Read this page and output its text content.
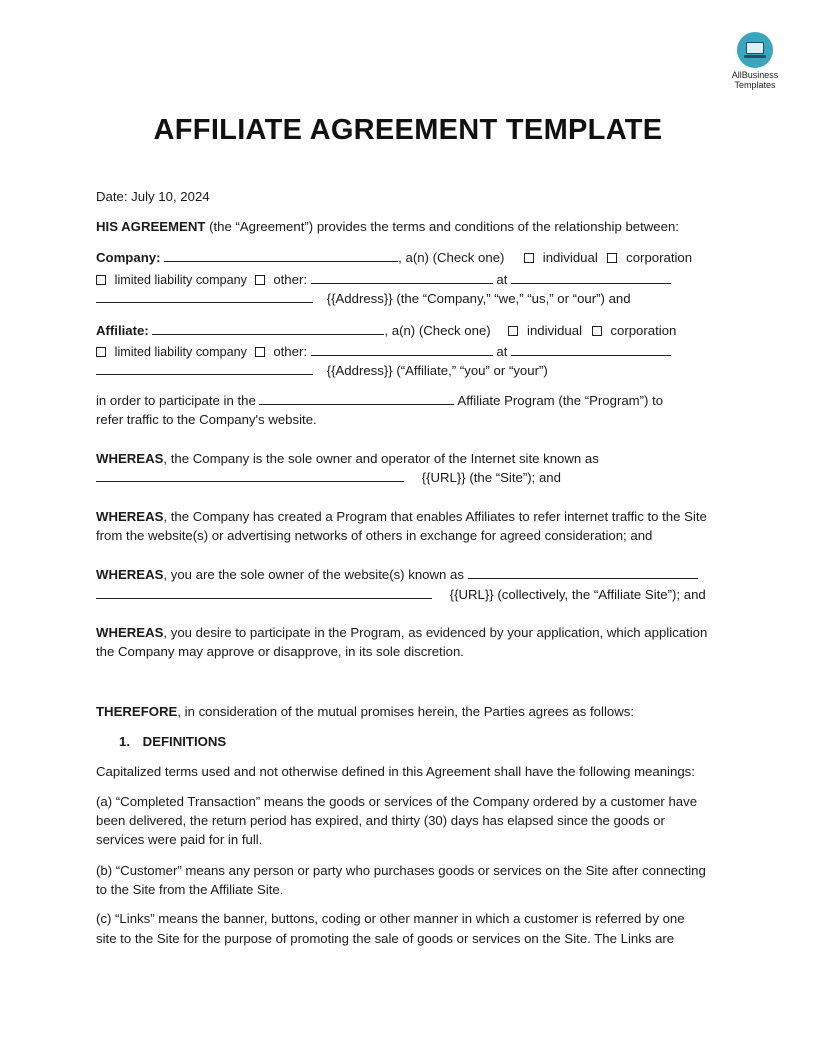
AllBusiness
Templates
AFFILIATE AGREEMENT TEMPLATE
Date: July 10, 2024
HIS AGREEMENT (the “Agreement”) provides the terms and conditions of the relationship between:
Company:	, a(n) (Check one)	individual corporation
limited liability company other:	at
{{Address}} (the “Company,” “we,” “us,” or “our”) and
Affiliate:	, a(n) (Check one)	individual corporation
limited liability company other:	at
{{Address}} (“Affiliate,” “you” or “your”)
in order to participate in the	Affiliate Program (the “Program”) to
refer traffic to the Company's website.
WHEREAS, the Company is the sole owner and operator of the Internet site known as
{{URL}} (the “Site”); and
WHEREAS, the Company has created a Program that enables Affiliates to refer internet traffic to the Site
from the website(s) or advertising networks of others in exchange for agreed consideration; and
WHEREAS, you are the sole owner of the website(s) known as
{{URL}} (collectively, the “Affiliate Site”); and
WHEREAS, you desire to participate in the Program, as evidenced by your application, which application
the Company may approve or disapprove, in its sole discretion.
THEREFORE, in consideration of the mutual promises herein, the Parties agrees as follows:
1. DEFINITIONS
Capitalized terms used and not otherwise defined in this Agreement shall have the following meanings:
(a) “Completed Transaction” means the goods or services of the Company ordered by a customer have
been delivered, the return period has expired, and thirty (30) days has elapsed since the goods or
services were paid for in full.
(b) “Customer” means any person or party who purchases goods or services on the Site after connecting
to the Site from the Affiliate Site.
(c) “Links” means the banner, buttons, coding or other manner in which a customer is referred by one
site to the Site for the purpose of promoting the sale of goods or services on the Site. The Links are
